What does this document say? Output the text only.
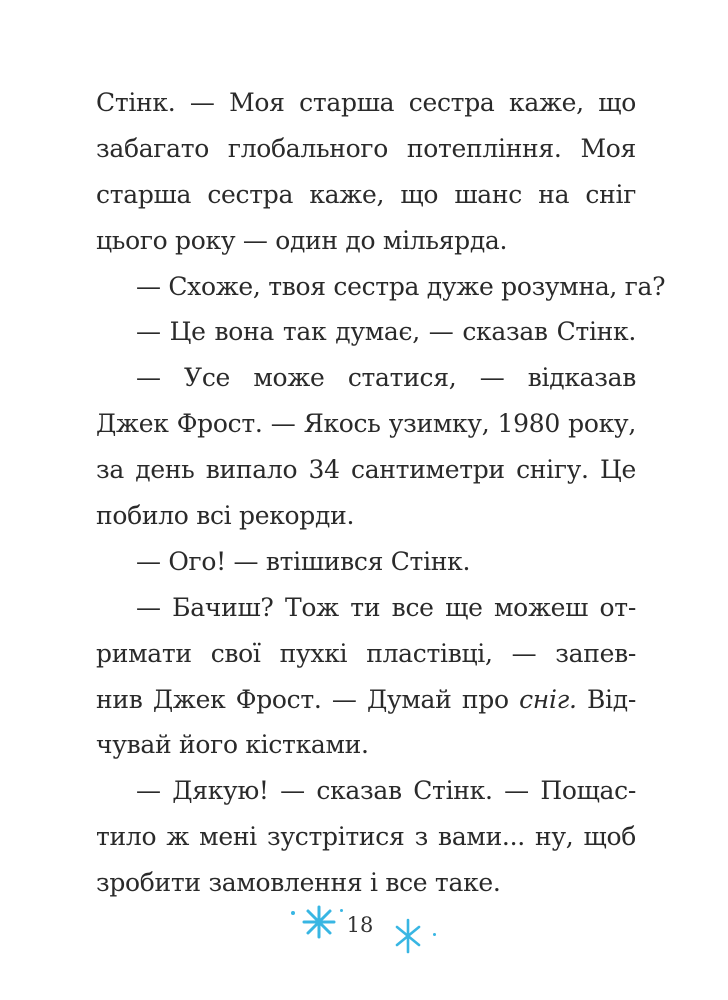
Стінк. — Моя старша сестра каже, що
забагато глобального потепління. Моя
старша сестра каже, що шанс на сніг
цього року — один до мільярда.
— Схоже, твоя сестра дуже розумна, га?
— Це вона так думає, — сказав Стінк.
— Усе може статися, — відказав
Джек Фрост. — Якось узимку, 1980 року,
за день випало 34 сантиметри снігу. Це
побило всі рекорди.
— Ого! — втішився Стінк.
— Бачиш? Тож ти все ще можеш от-
римати свої пухкі пластівці, — запев-
нив Джек Фрост. — Думай про сніг. Від-
чувай його кістками.
— Дякую! — сказав Стінк. — Пощас-
тило ж мені зустрітися з вами... ну, щоб
зробити замовлення і все таке.
18
